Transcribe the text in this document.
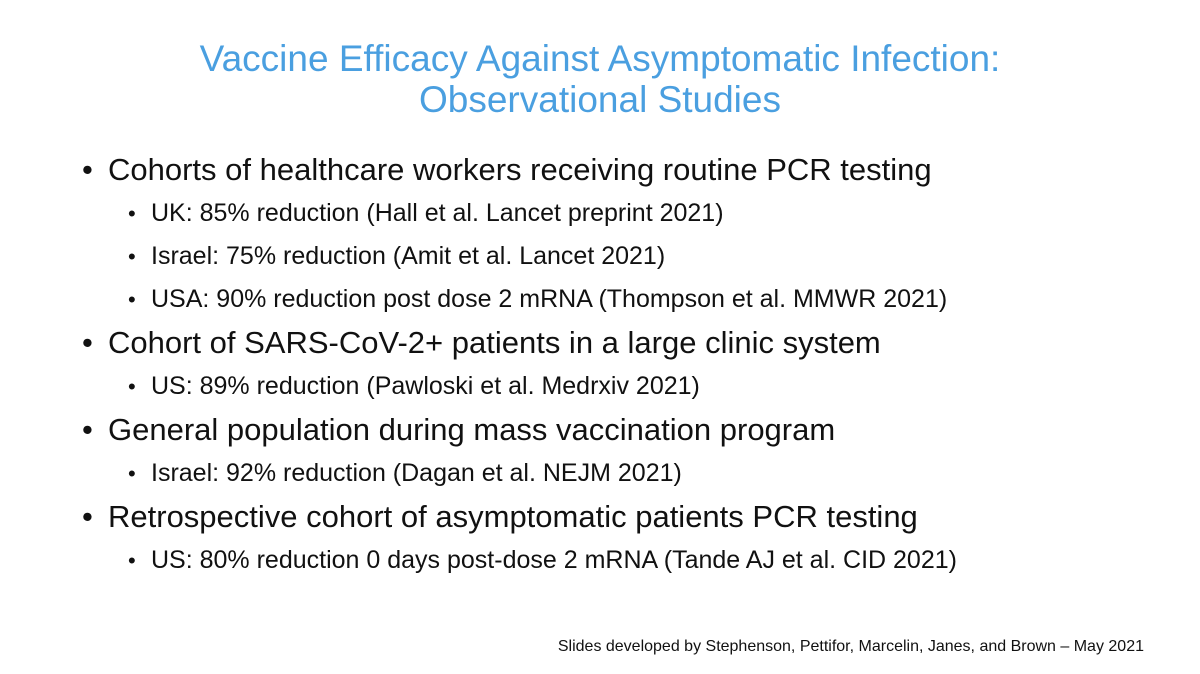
Vaccine Efficacy Against Asymptomatic Infection:
Observational Studies
• Cohorts of healthcare workers receiving routine PCR testing
• UK: 85% reduction (Hall et al. Lancet preprint 2021)
• Israel: 75% reduction (Amit et al. Lancet 2021)
• USA: 90% reduction post dose 2 mRNA (Thompson et al. MMWR 2021)
• Cohort of SARS-CoV-2+ patients in a large clinic system
• US: 89% reduction (Pawloski et al. Medrxiv 2021)
• General population during mass vaccination program
• Israel: 92% reduction (Dagan et al. NEJM 2021)
• Retrospective cohort of asymptomatic patients PCR testing
• US: 80% reduction 0 days post-dose 2 mRNA (Tande AJ et al. CID 2021)
Slides developed by Stephenson, Pettifor, Marcelin, Janes, and Brown – May 2021
